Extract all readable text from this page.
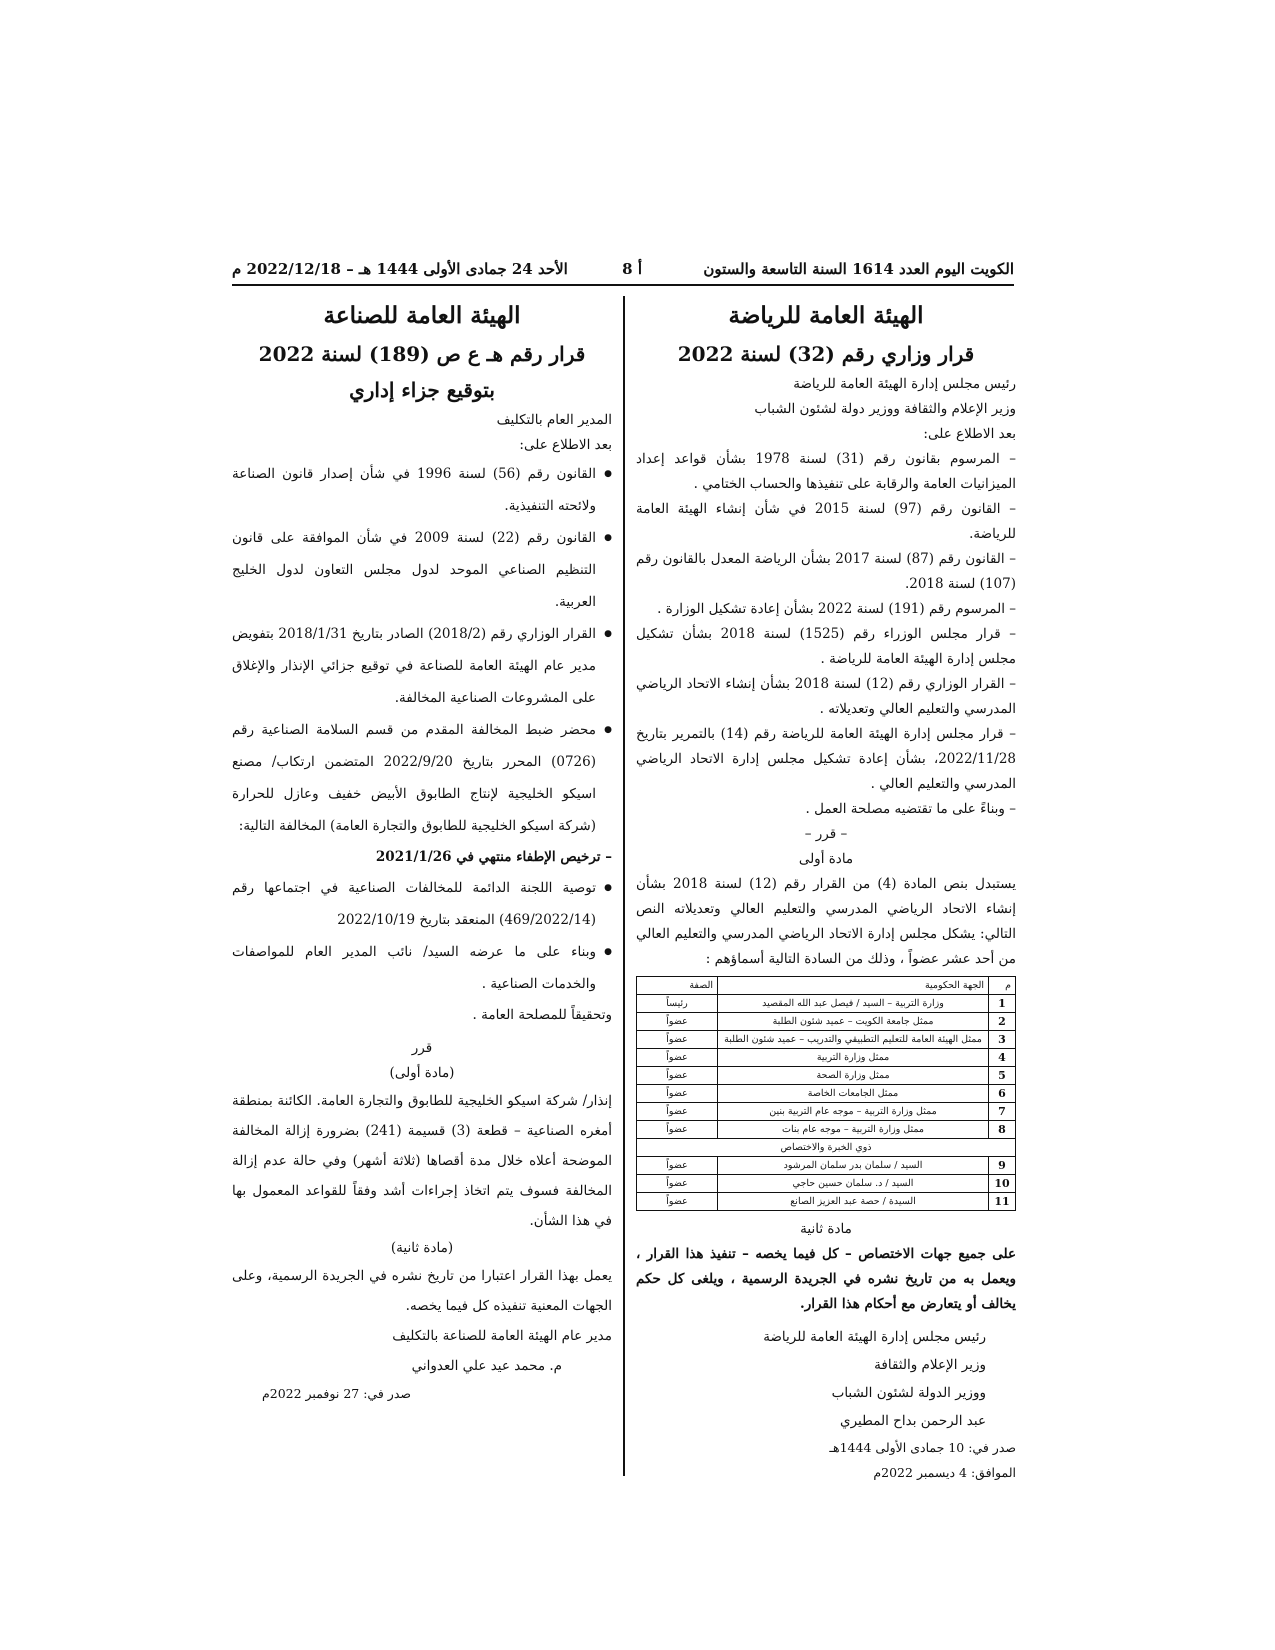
الكويت اليوم العدد 1614 السنة التاسعة والستون
أ 8
الأحد 24 جمادى الأولى 1444 هـ – 2022/12/18 م
الهيئة العامة للرياضة
قرار وزاري رقم (32) لسنة 2022

رئيس مجلس إدارة الهيئة العامة للرياضة

وزير الإعلام والثقافة ووزير دولة لشئون الشباب

بعد الاطلاع على:

– المرسوم بقانون رقم (31) لسنة 1978 بشأن قواعد إعداد الميزانيات العامة والرقابة على تنفيذها والحساب الختامي .

– القانون رقم (97) لسنة 2015 في شأن إنشاء الهيئة العامة للرياضة.

– القانون رقم (87) لسنة 2017 بشأن الرياضة المعدل بالقانون رقم (107) لسنة 2018.

– المرسوم رقم (191) لسنة 2022 بشأن إعادة تشكيل الوزارة .

– قرار مجلس الوزراء رقم (1525) لسنة 2018 بشأن تشكيل مجلس إدارة الهيئة العامة للرياضة .

– القرار الوزاري رقم (12) لسنة 2018 بشأن إنشاء الاتحاد الرياضي المدرسي والتعليم العالي وتعديلاته .

– قرار مجلس إدارة الهيئة العامة للرياضة رقم (14) بالتمرير بتاريخ 2022/11/28، بشأن إعادة تشكيل مجلس إدارة الاتحاد الرياضي المدرسي والتعليم العالي .

– وبناءً على ما تقتضيه مصلحة العمل .

– قرر –

مادة أولى

يستبدل بنص المادة (4) من القرار رقم (12) لسنة 2018 بشأن إنشاء الاتحاد الرياضي المدرسي والتعليم العالي وتعديلاته النص التالي: يشكل مجلس إدارة الاتحاد الرياضي المدرسي والتعليم العالي من أحد عشر عضواً ، وذلك من السادة التالية أسماؤهم :

م	الجهة الحكومية	الصفة
1	وزارة التربية – السيد / فيصل عبد الله المقصيد	رئيساً
2	ممثل جامعة الكويت – عميد شئون الطلبة	عضواً
3	ممثل الهيئة العامة للتعليم التطبيقي والتدريب – عميد شئون الطلبة	عضواً
4	ممثل وزارة التربية	عضواً
5	ممثل وزارة الصحة	عضواً
6	ممثل الجامعات الخاصة	عضواً
7	ممثل وزارة التربية – موجه عام التربية بنين	عضواً
8	ممثل وزارة التربية – موجه عام بنات	عضواً
ذوي الخبرة والاختصاص		
9	السيد / سلمان بدر سلمان المرشود	عضواً
10	السيد / د. سلمان حسين حاجي	عضواً
11	السيدة / حصة عبد العزيز الصانع	عضواً

مادة ثانية

على جميع جهات الاختصاص – كل فيما يخصه – تنفيذ هذا القرار ، ويعمل به من تاريخ نشره في الجريدة الرسمية ، ويلغى كل حكم يخالف أو يتعارض مع أحكام هذا القرار.

رئيس مجلس إدارة الهيئة العامة للرياضة
وزير الإعلام والثقافة
ووزير الدولة لشئون الشباب
عبد الرحمن بداح المطيري

صدر في: 10 جمادى الأولى 1444هـ

الموافق: 4 ديسمبر 2022م

الهيئة العامة للصناعة
قرار رقم هـ ع ص (189) لسنة 2022
بتوقيع جزاء إداري

المدير العام بالتكليف

بعد الاطلاع على:

● القانون رقم (56) لسنة 1996 في شأن إصدار قانون الصناعة ولائحته التنفيذية.
● القانون رقم (22) لسنة 2009 في شأن الموافقة على قانون التنظيم الصناعي الموحد لدول مجلس التعاون لدول الخليج العربية.
● القرار الوزاري رقم (2018/2) الصادر بتاريخ 2018/1/31 بتفويض مدير عام الهيئة العامة للصناعة في توقيع جزائي الإنذار والإغلاق على المشروعات الصناعية المخالفة.
● محضر ضبط المخالفة المقدم من قسم السلامة الصناعية رقم (0726) المحرر بتاريخ 2022/9/20 المتضمن ارتكاب/ مصنع اسيكو الخليجية لإنتاج الطابوق الأبيض خفيف وعازل للحرارة (شركة اسيكو الخليجية للطابوق والتجارة العامة) المخالفة التالية:

– ترخيص الإطفاء منتهي في 2021/1/26

● توصية اللجنة الدائمة للمخالفات الصناعية في اجتماعها رقم (469/2022/14) المنعقد بتاريخ 2022/10/19
● وبناء على ما عرضه السيد/ نائب المدير العام للمواصفات والخدمات الصناعية .

وتحقيقاً للمصلحة العامة .

قرر

(مادة أولى)

إنذار/ شركة اسيكو الخليجية للطابوق والتجارة العامة. الكائنة بمنطقة أمغره الصناعية – قطعة (3) قسيمة (241) بضرورة إزالة المخالفة الموضحة أعلاه خلال مدة أقصاها (ثلاثة أشهر) وفي حالة عدم إزالة المخالفة فسوف يتم اتخاذ إجراءات أشد وفقاً للقواعد المعمول بها في هذا الشأن.

(مادة ثانية)

يعمل بهذا القرار اعتبارا من تاريخ نشره في الجريدة الرسمية، وعلى الجهات المعنية تنفيذه كل فيما يخصه.

مدير عام الهيئة العامة للصناعة بالتكليف

م. محمد عيد علي العدواني

صدر في: 27 نوفمبر 2022م
